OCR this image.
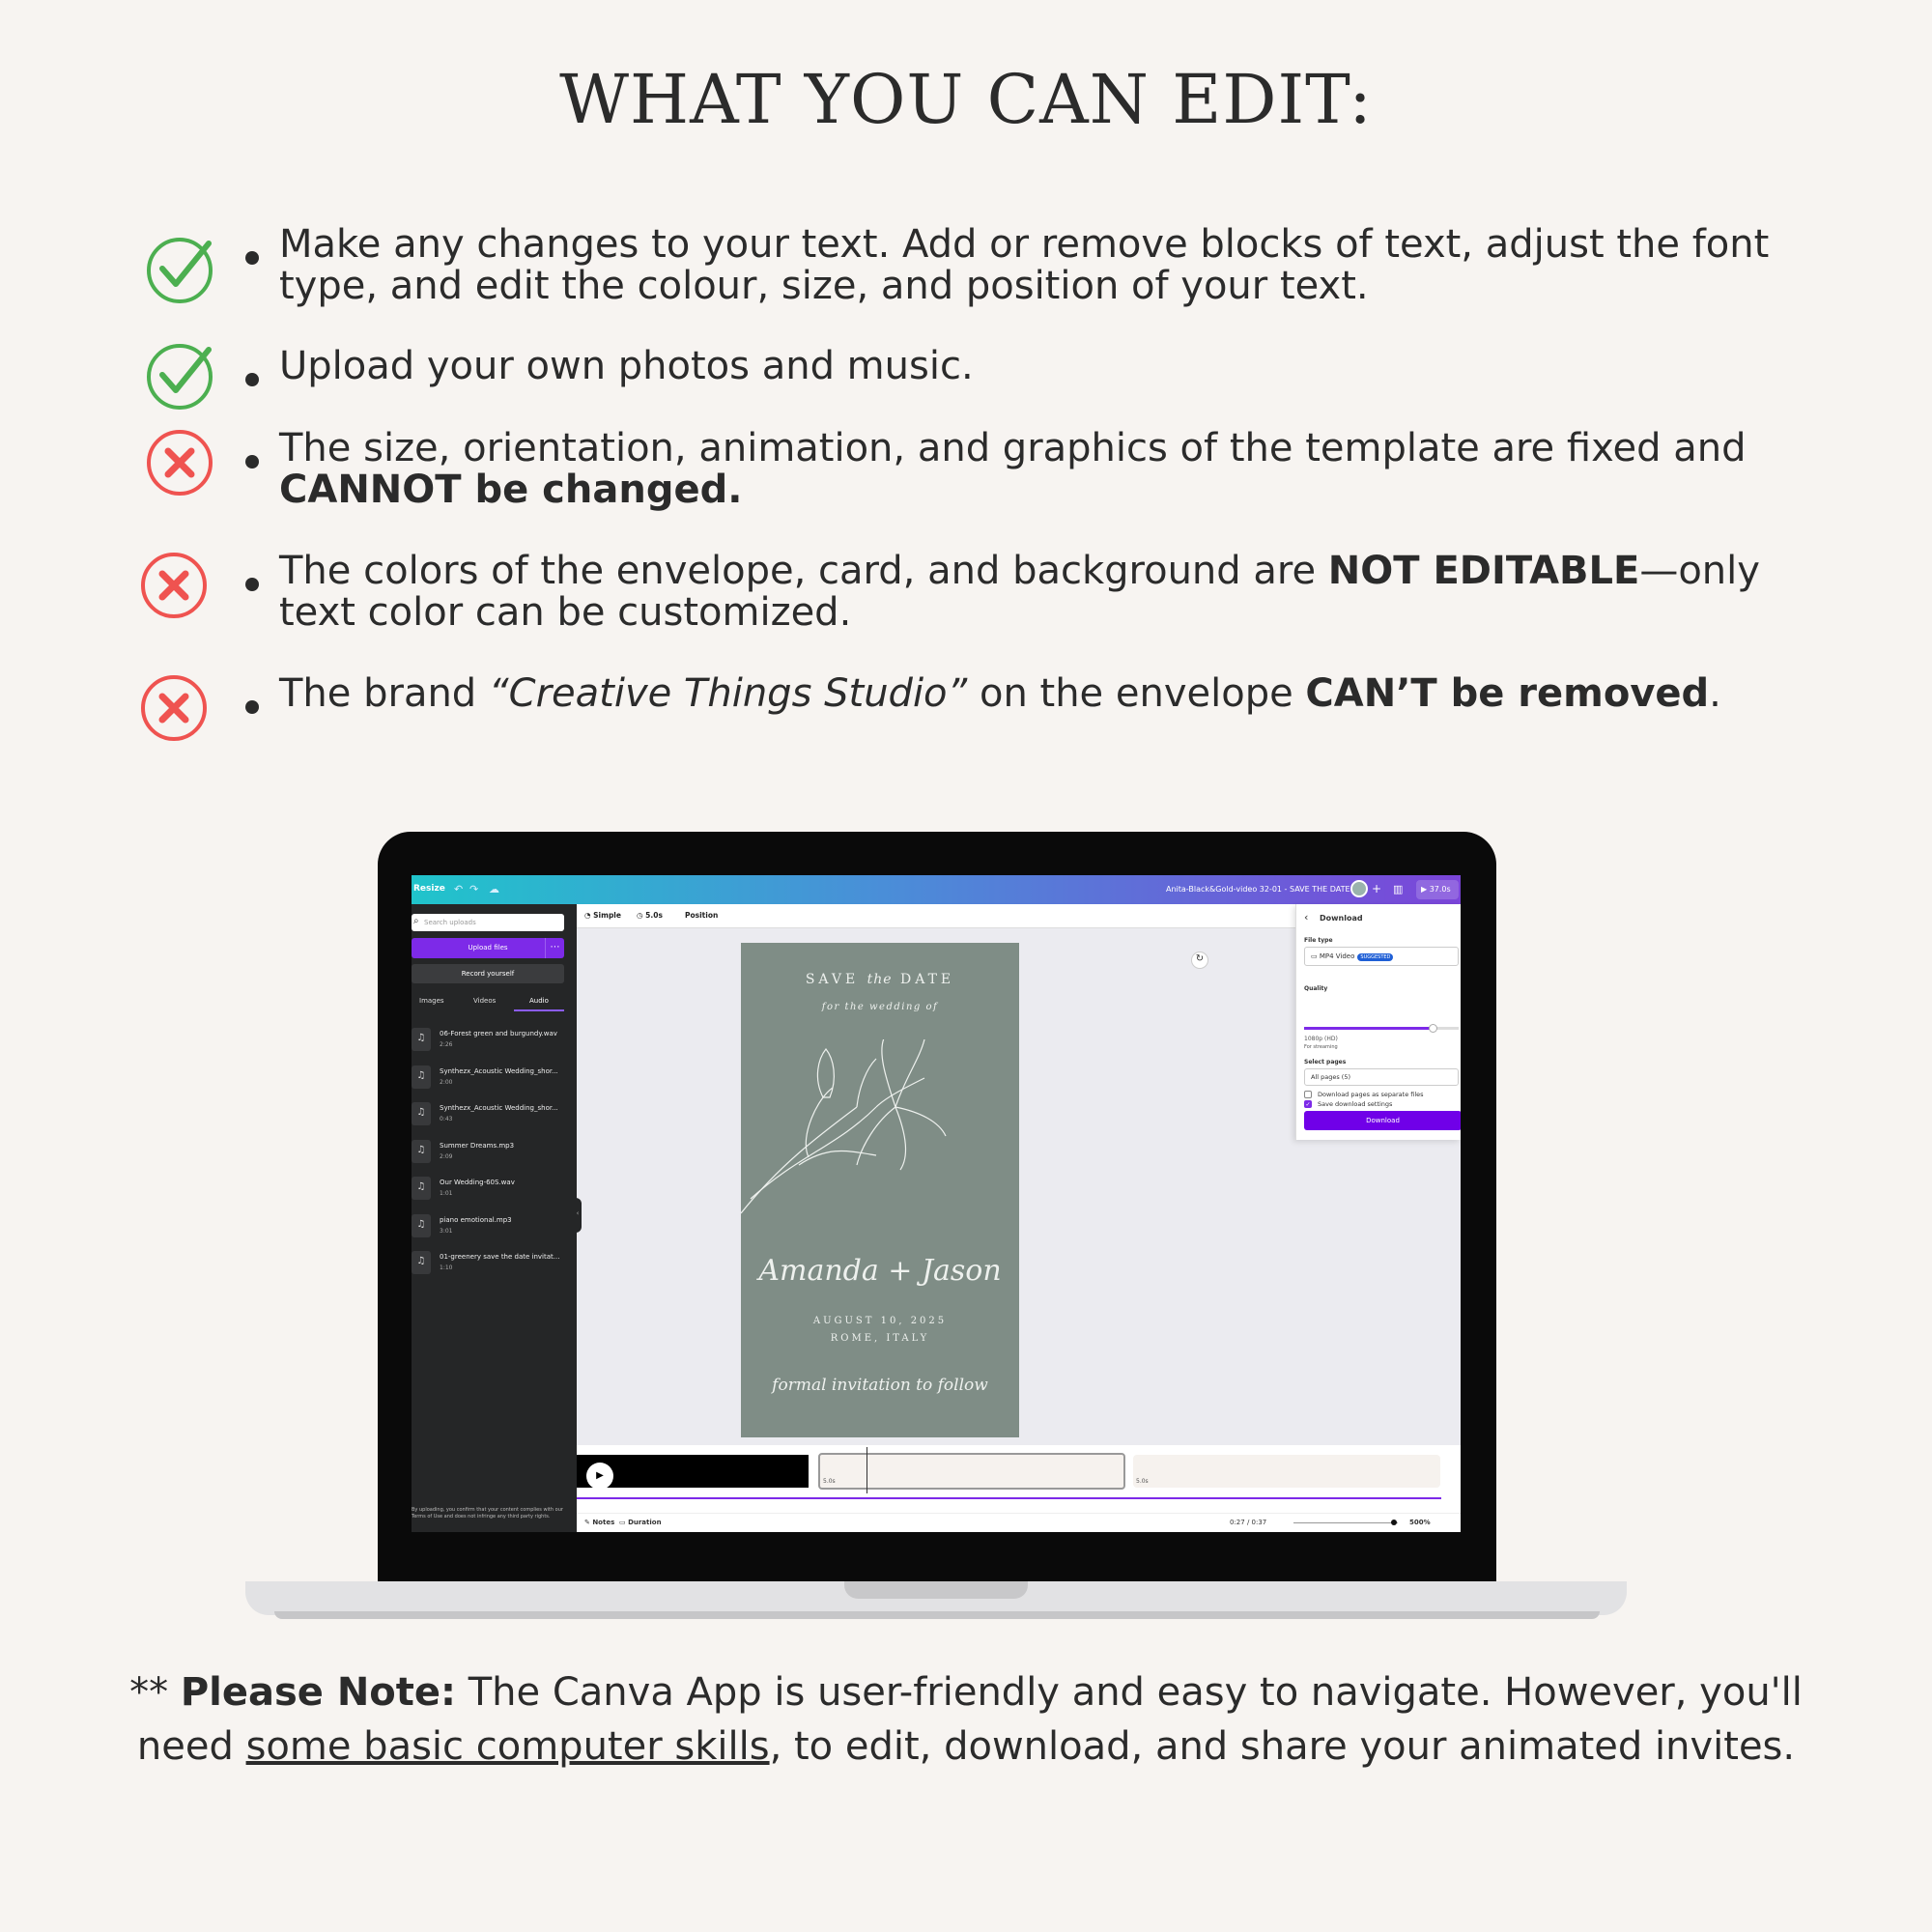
WHAT YOU CAN EDIT:
Make any changes to your text. Add or remove blocks of text, adjust the font type, and edit the colour, size, and position of your text.
Upload your own photos and music.
The size, orientation, animation, and graphics of the template are fixed and CANNOT be changed.
The colors of the envelope, card, and background are NOT EDITABLE—only text color can be customized.
The brand “Creative Things Studio” on the envelope CAN’T be removed.
Resize ↶ ↷ ☁	Anita-Black&Gold-video 32-01 - SAVE THE DATE + ▥	▶ 37.0s
⌕ Search uploads
Upload files	⋯
Record yourself
Images	Videos	Audio
♫	06-Forest green and burgundy.wav
2:26
♫	Synthezx_Acoustic Wedding_shor...
2:00
♫	Synthezx_Acoustic Wedding_shor...
0:43
♫	Summer Dreams.mp3
2:09
♫	Our Wedding-60S.wav
1:01
♫	piano emotional.mp3
3:01
♫	01-greenery save the date invitat...
1:10
By uploading, you confirm that your content complies with our Terms of Use and does not infringe any third party rights.
‹
◔ Simple ◷ 5.0s	Position
SAVE the DATE
for the wedding of
Amanda + Jason
AUGUST 10, 2025
ROME, ITALY
formal invitation to follow
↻
‹ Download
File type
▭ MP4 Video SUGGESTED
Quality
1080p (HD)
For streaming
Select pages
All pages (5)
Download pages as separate files
✓ Save download settings
Download
▶
5.0s	5.0s
✎ Notes ▭ Duration	0:27 / 0:37	500%
** Please Note: The Canva App is user-friendly and easy to navigate. However, you'll need some basic computer skills, to edit, download, and share your animated invites.
